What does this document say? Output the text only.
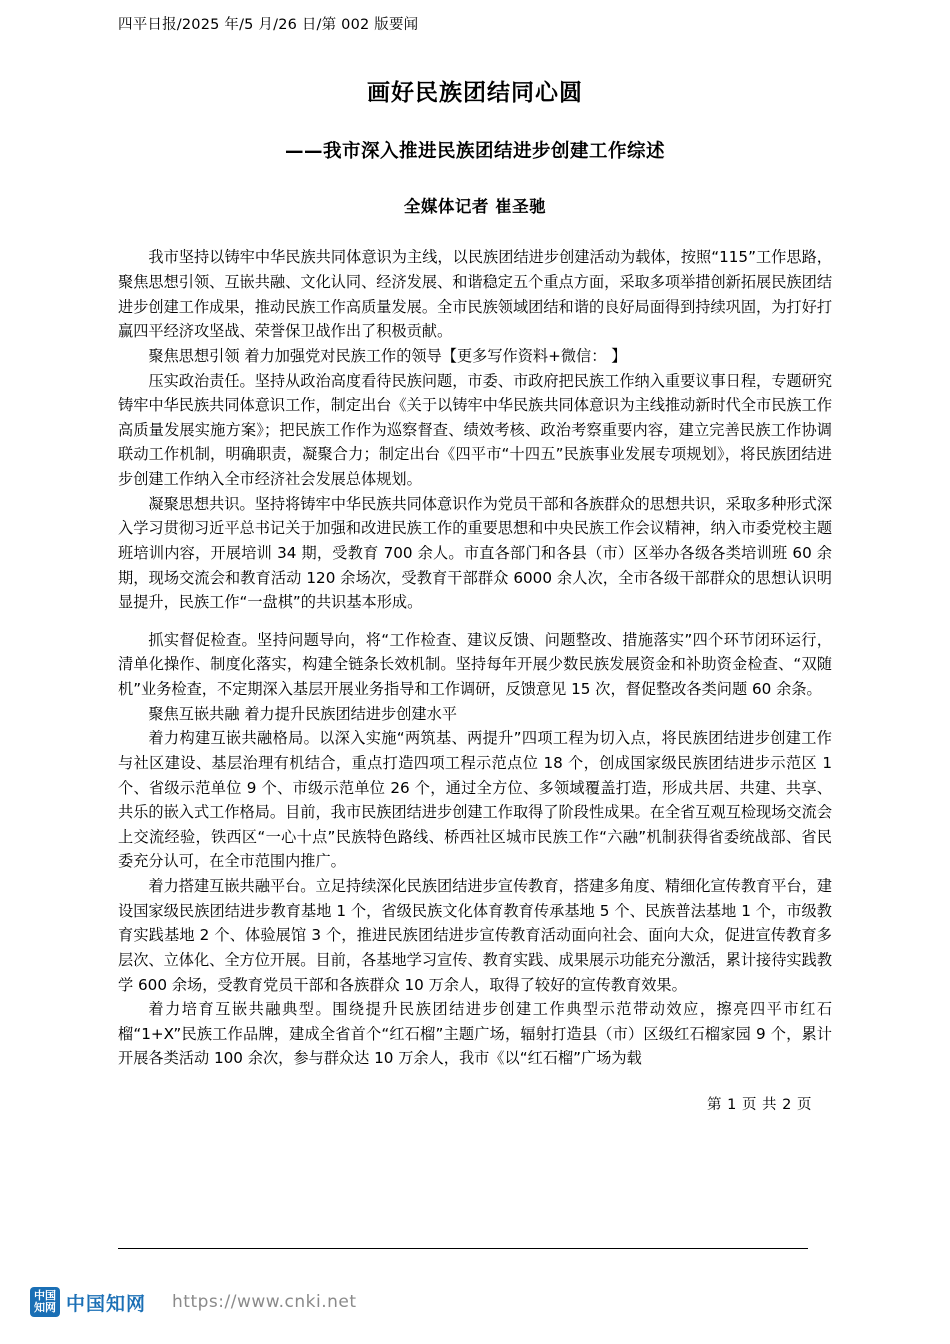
四平日报/2025 年/5 月/26 日/第 002 版要闻
画好民族团结同心圆
——我市深入推进民族团结进步创建工作综述
全媒体记者 崔圣驰

我市坚持以铸牢中华民族共同体意识为主线，以民族团结进步创建活动为载体，按照“115”工作思路，聚焦思想引领、互嵌共融、文化认同、经济发展、和谐稳定五个重点方面，采取多项举措创新拓展民族团结进步创建工作成果，推动民族工作高质量发展。全市民族领域团结和谐的良好局面得到持续巩固，为打好打赢四平经济攻坚战、荣誉保卫战作出了积极贡献。

聚焦思想引领 着力加强党对民族工作的领导【更多写作资料+微信： 】

压实政治责任。坚持从政治高度看待民族问题，市委、市政府把民族工作纳入重要议事日程，专题研究铸牢中华民族共同体意识工作，制定出台《关于以铸牢中华民族共同体意识为主线推动新时代全市民族工作高质量发展实施方案》；把民族工作作为巡察督查、绩效考核、政治考察重要内容，建立完善民族工作协调联动工作机制，明确职责，凝聚合力；制定出台《四平市“十四五”民族事业发展专项规划》，将民族团结进步创建工作纳入全市经济社会发展总体规划。

凝聚思想共识。坚持将铸牢中华民族共同体意识作为党员干部和各族群众的思想共识，采取多种形式深入学习贯彻习近平总书记关于加强和改进民族工作的重要思想和中央民族工作会议精神，纳入市委党校主题班培训内容，开展培训 34 期，受教育 700 余人。市直各部门和各县（市）区举办各级各类培训班 60 余期，现场交流会和教育活动 120 余场次，受教育干部群众 6000 余人次，全市各级干部群众的思想认识明显提升，民族工作“一盘棋”的共识基本形成。

抓实督促检查。坚持问题导向，将“工作检查、建议反馈、问题整改、措施落实”四个环节闭环运行，清单化操作、制度化落实，构建全链条长效机制。坚持每年开展少数民族发展资金和补助资金检查、“双随机”业务检查，不定期深入基层开展业务指导和工作调研，反馈意见 15 次，督促整改各类问题 60 余条。

聚焦互嵌共融 着力提升民族团结进步创建水平

着力构建互嵌共融格局。以深入实施“两筑基、两提升”四项工程为切入点，将民族团结进步创建工作与社区建设、基层治理有机结合，重点打造四项工程示范点位 18 个，创成国家级民族团结进步示范区 1 个、省级示范单位 9 个、市级示范单位 26 个，通过全方位、多领域覆盖打造，形成共居、共建、共享、共乐的嵌入式工作格局。目前，我市民族团结进步创建工作取得了阶段性成果。在全省互观互检现场交流会上交流经验，铁西区“一心十点”民族特色路线、桥西社区城市民族工作“六融”机制获得省委统战部、省民委充分认可，在全市范围内推广。

着力搭建互嵌共融平台。立足持续深化民族团结进步宣传教育，搭建多角度、精细化宣传教育平台，建设国家级民族团结进步教育基地 1 个，省级民族文化体育教育传承基地 5 个、民族普法基地 1 个，市级教育实践基地 2 个、体验展馆 3 个，推进民族团结进步宣传教育活动面向社会、面向大众，促进宣传教育多层次、立体化、全方位开展。目前，各基地学习宣传、教育实践、成果展示功能充分激活，累计接待实践教学 600 余场，受教育党员干部和各族群众 10 万余人，取得了较好的宣传教育效果。

着力培育互嵌共融典型。围绕提升民族团结进步创建工作典型示范带动效应，擦亮四平市红石榴“1+X”民族工作品牌，建成全省首个“红石榴”主题广场，辐射打造县（市）区级红石榴家园 9 个，累计开展各类活动 100 余次，参与群众达 10 万余人，我市《以“红石榴”广场为载

第 1 页 共 2 页
中国
知网 中国知网 https://www.cnki.net
